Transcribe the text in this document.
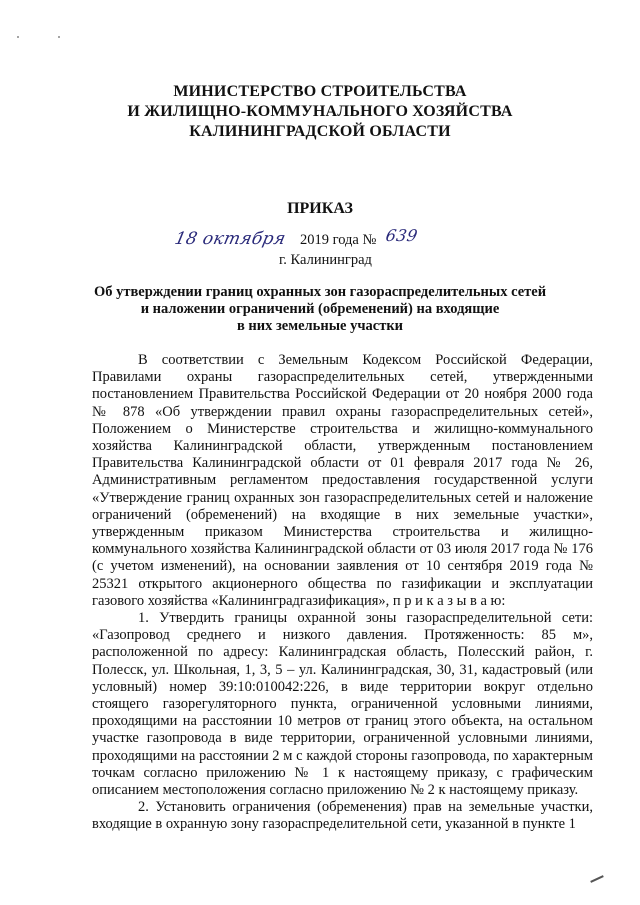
МИНИСТЕРСТВО СТРОИТЕЛЬСТВА
И ЖИЛИЩНО-КОММУНАЛЬНОГО ХОЗЯЙСТВА
КАЛИНИНГРАДСКОЙ ОБЛАСТИ
ПРИКАЗ
18 октября 2019 года № 639
г. Калининград
Об утверждении границ охранных зон газораспределительных сетей
и наложении ограничений (обременений) на входящие
в них земельные участки

В соответствии с Земельным Кодексом Российской Федерации, Правилами охраны газораспределительных сетей, утвержденными постановлением Правительства Российской Федерации от 20 ноября 2000 года № 878 «Об утверждении правил охраны газораспределительных сетей», Положением о Министерстве строительства и жилищно-коммунального хозяйства Калининградской области, утвержденным постановлением Правительства Калининградской области от 01 февраля 2017 года № 26, Административным регламентом предоставления государственной услуги «Утверждение границ охранных зон газораспределительных сетей и наложение ограничений (обременений) на входящие в них земельные участки», утвержденным приказом Министерства строительства и жилищно-коммунального хозяйства Калининградской области от 03 июля 2017 года № 176 (с учетом изменений), на основании заявления от 10 сентября 2019 года № 25321 открытого акционерного общества по газификации и эксплуатации газового хозяйства «Калининградгазификация», п р и к а з ы в а ю:

1. Утвердить границы охранной зоны газораспределительной сети: «Газопровод среднего и низкого давления. Протяженность: 85 м», расположенной по адресу: Калининградская область, Полесский район, г. Полесск, ул. Школьная, 1, 3, 5 – ул. Калининградская, 30, 31, кадастровый (или условный) номер 39:10:010042:226, в виде территории вокруг отдельно стоящего газорегуляторного пункта, ограниченной условными линиями, проходящими на расстоянии 10 метров от границ этого объекта, на остальном участке газопровода в виде территории, ограниченной условными линиями, проходящими на расстоянии 2 м с каждой стороны газопровода, по характерным точкам согласно приложению № 1 к настоящему приказу, с графическим описанием местоположения согласно приложению № 2 к настоящему приказу.

2. Установить ограничения (обременения) прав на земельные участки, входящие в охранную зону газораспределительной сети, указанной в пункте 1
